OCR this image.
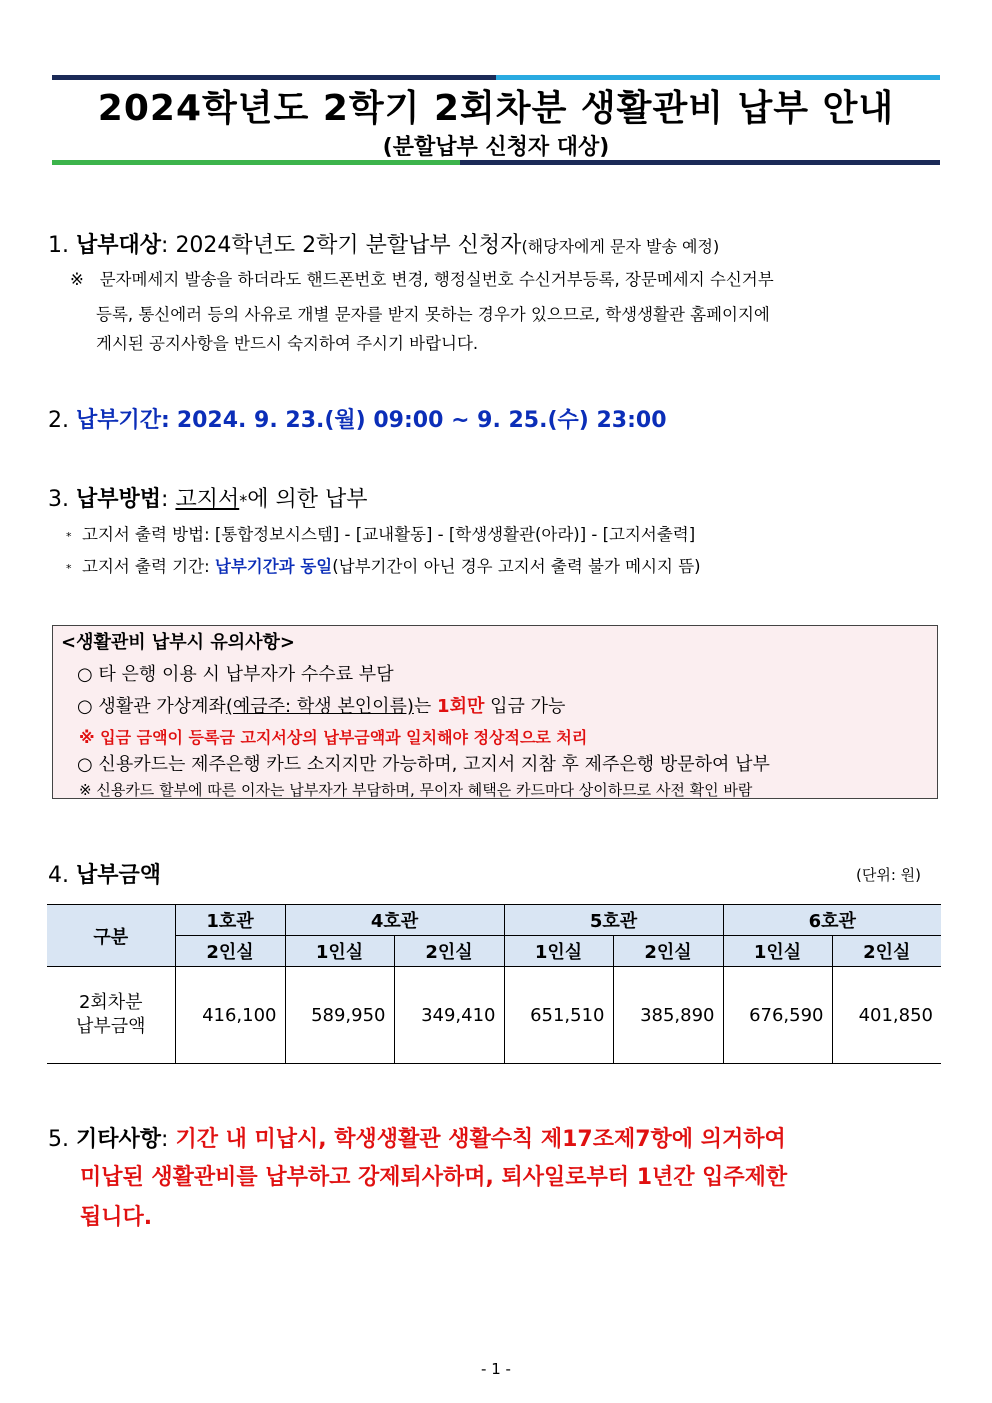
2024학년도 2학기 2회차분 생활관비 납부 안내
(분할납부 신청자 대상)
1. 납부대상: 2024학년도 2학기 분할납부 신청자(해당자에게 문자 발송 예정)
※ 문자메세지 발송을 하더라도 핸드폰번호 변경, 행정실번호 수신거부등록, 장문메세지 수신거부
등록, 통신에러 등의 사유로 개별 문자를 받지 못하는 경우가 있으므로, 학생생활관 홈페이지에
게시된 공지사항을 반드시 숙지하여 주시기 바랍니다.
2. 납부기간: 2024. 9. 23.(월) 09:00 ~ 9. 25.(수) 23:00
3. 납부방법: 고지서*에 의한 납부
* 고지서 출력 방법: [통합정보시스템] - [교내활동] - [학생생활관(아라)] - [고지서출력]
* 고지서 출력 기간: 납부기간과 동일(납부기간이 아닌 경우 고지서 출력 불가 메시지 뜸)
<생활관비 납부시 유의사항>
○ 타 은행 이용 시 납부자가 수수료 부담
○ 생활관 가상계좌(예금주: 학생 본인이름)는 1회만 입금 가능
※ 입금 금액이 등록금 고지서상의 납부금액과 일치해야 정상적으로 처리
○ 신용카드는 제주은행 카드 소지지만 가능하며, 고지서 지참 후 제주은행 방문하여 납부
※ 신용카드 할부에 따른 이자는 납부자가 부담하며, 무이자 혜택은 카드마다 상이하므로 사전 확인 바람
4. 납부금액	(단위: 원)
구분	1호관	4호관		5호관		6호관	
	2인실	1인실	2인실	1인실	2인실	1인실	2인실

2회차분
납부금액	416,100	589,950	349,410	651,510	385,890	676,590	401,850
5. 기타사항: 기간 내 미납시, 학생생활관 생활수칙 제17조제7항에 의거하여
미납된 생활관비를 납부하고 강제퇴사하며, 퇴사일로부터 1년간 입주제한
됩니다.
- 1 -
